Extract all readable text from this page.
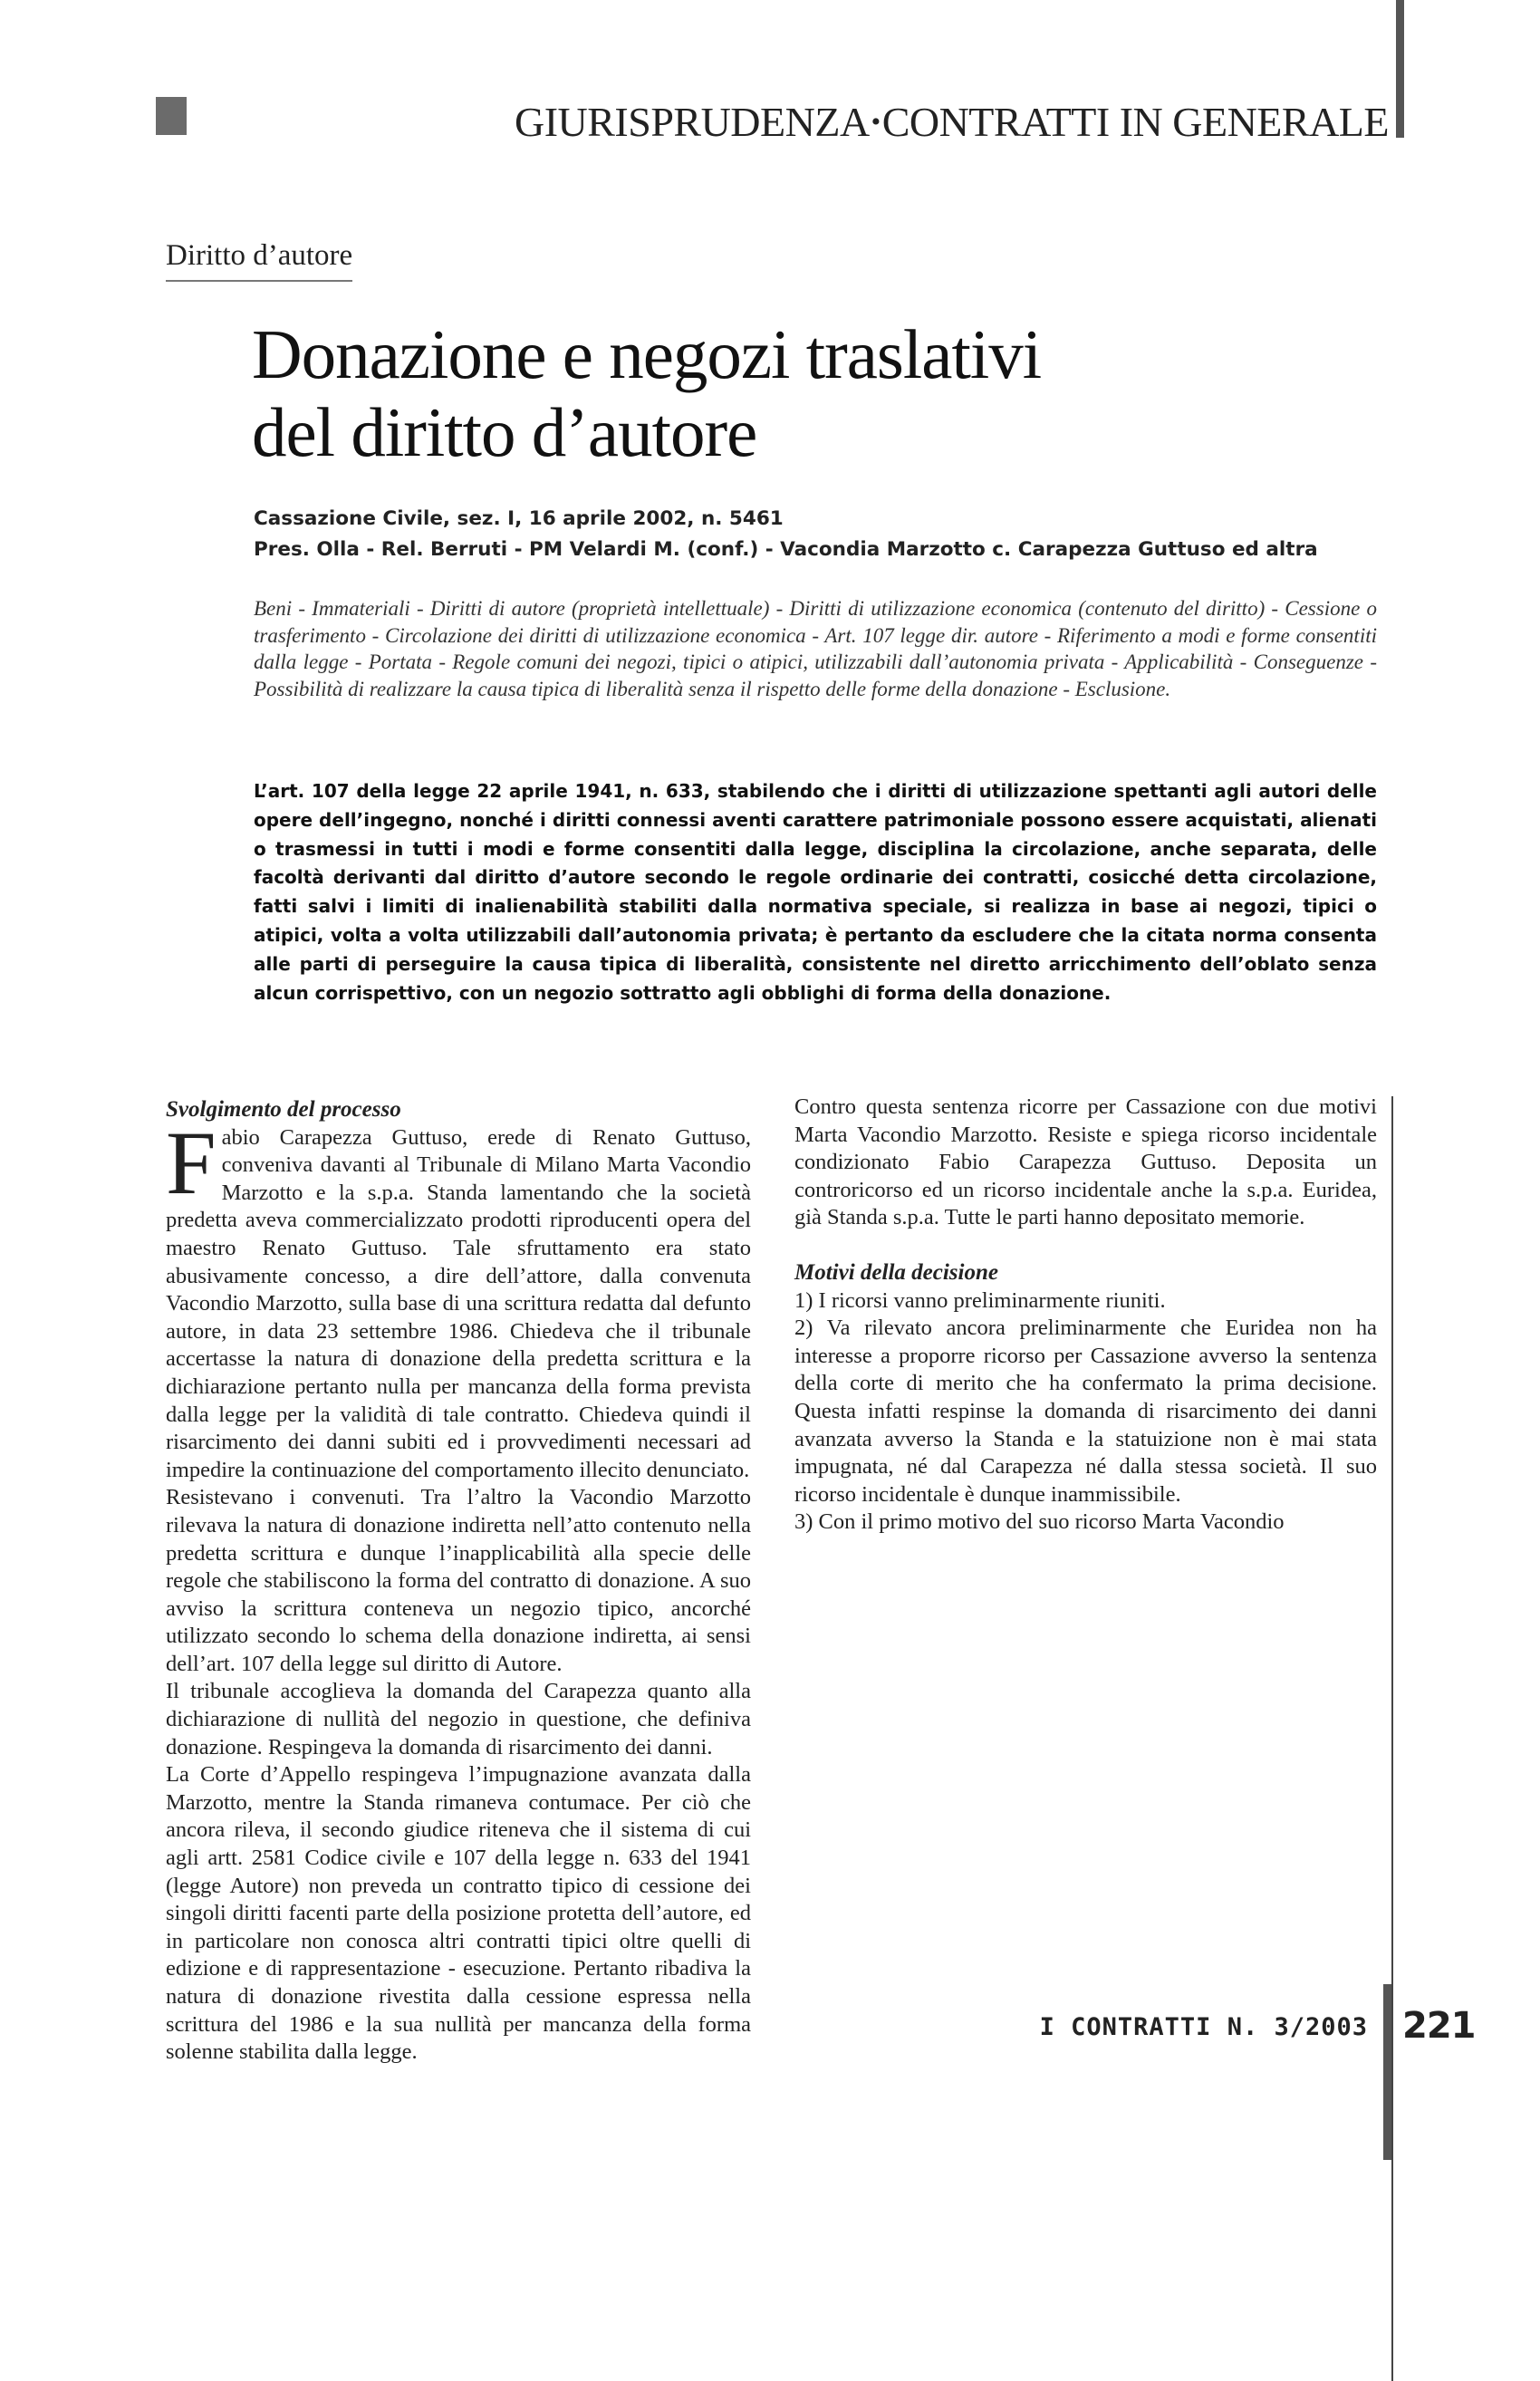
GIURISPRUDENZA•CONTRATTI IN GENERALE
Diritto d’autore
Donazione e negozi traslativi
del diritto d’autore
Cassazione Civile, sez. I, 16 aprile 2002, n. 5461
Pres. Olla - Rel. Berruti - PM Velardi M. (conf.) - Vacondia Marzotto c. Carapezza Guttuso ed altra
Beni - Immateriali - Diritti di autore (proprietà intellettuale) - Diritti di utilizzazione economica (contenuto del diritto) - Cessione o trasferimento - Circolazione dei diritti di utilizzazione economica - Art. 107 legge dir. autore - Riferimento a modi e forme consentiti dalla legge - Portata - Regole comuni dei negozi, tipici o atipici, utilizzabili dall’autonomia privata - Applicabilità - Conseguenze - Possibilità di realizzare la causa tipica di liberalità senza il rispetto delle forme della donazione - Esclusione.
L’art. 107 della legge 22 aprile 1941, n. 633, stabilendo che i diritti di utilizzazione spettanti agli autori delle opere dell’ingegno, nonché i diritti connessi aventi carattere patrimoniale possono essere acquistati, alienati o trasmessi in tutti i modi e forme consentiti dalla legge, disciplina la circolazione, anche separata, delle facoltà derivanti dal diritto d’autore secondo le regole ordinarie dei contratti, cosicché detta circolazione, fatti salvi i limiti di inalienabilità stabiliti dalla normativa speciale, si realizza in base ai negozi, tipici o atipici, volta a volta utilizzabili dall’autonomia privata; è pertanto da escludere che la citata norma consenta alle parti di perseguire la causa tipica di liberalità, consistente nel diretto arricchimento dell’oblato senza alcun corrispettivo, con un negozio sottratto agli obblighi di forma della donazione.
Svolgimento del processo

Fabio Carapezza Guttuso, erede di Renato Guttuso, conveniva davanti al Tribunale di Milano Marta Vacondio Marzotto e la s.p.a. Standa lamentando che la società predetta aveva commercializzato prodotti riproducenti opera del maestro Renato Guttuso. Tale sfruttamento era stato abusivamente concesso, a dire dell’attore, dalla convenuta Vacondio Marzotto, sulla base di una scrittura redatta dal defunto autore, in data 23 settembre 1986. Chiedeva che il tribunale accertasse la natura di donazione della predetta scrittura e la dichiarazione pertanto nulla per mancanza della forma prevista dalla legge per la validità di tale contratto. Chiedeva quindi il risarcimento dei danni subiti ed i provvedimenti necessari ad impedire la continuazione del comportamento illecito denunciato.

Resistevano i convenuti. Tra l’altro la Vacondio Marzotto rilevava la natura di donazione indiretta nell’atto contenuto nella predetta scrittura e dunque l’inapplicabilità alla specie delle regole che stabiliscono la forma del contratto di donazione. A suo avviso la scrittura conteneva un negozio tipico, ancorché utilizzato secondo lo schema della donazione indiretta, ai sensi dell’art. 107 della legge sul diritto di Autore.

Il tribunale accoglieva la domanda del Carapezza quanto alla dichiarazione di nullità del negozio in questione, che definiva donazione. Respingeva la domanda di risarcimento dei danni.

La Corte d’Appello respingeva l’impugnazione avanzata dalla Marzotto, mentre la Standa rimaneva contumace. Per ciò che ancora rileva, il secondo giudice riteneva che il sistema di cui agli artt. 2581 Codice civile e 107 della legge n. 633 del 1941 (legge Autore) non preveda un contratto tipico di cessione dei singoli diritti facenti parte della posizione protetta dell’autore, ed in particolare non conosca altri contratti tipici oltre quelli di edizione e di rappresentazione - esecuzione. Pertanto ribadiva la natura di donazione rivestita dalla cessione espressa nella scrittura del 1986 e la sua nullità per mancanza della forma solenne stabilita dalla legge.

Contro questa sentenza ricorre per Cassazione con due motivi Marta Vacondio Marzotto. Resiste e spiega ricorso incidentale condizionato Fabio Carapezza Guttuso. Deposita un controricorso ed un ricorso incidentale anche la s.p.a. Euridea, già Standa s.p.a. Tutte le parti hanno depositato memorie.

Motivi della decisione

1) I ricorsi vanno preliminarmente riuniti.

2) Va rilevato ancora preliminarmente che Euridea non ha interesse a proporre ricorso per Cassazione avverso la sentenza della corte di merito che ha confermato la prima decisione. Questa infatti respinse la domanda di risarcimento dei danni avanzata avverso la Standa e la statuizione non è mai stata impugnata, né dal Carapezza né dalla stessa società. Il suo ricorso incidentale è dunque inammissibile.

3) Con il primo motivo del suo ricorso Marta Vacondio

I CONTRATTI N. 3/2003 221
